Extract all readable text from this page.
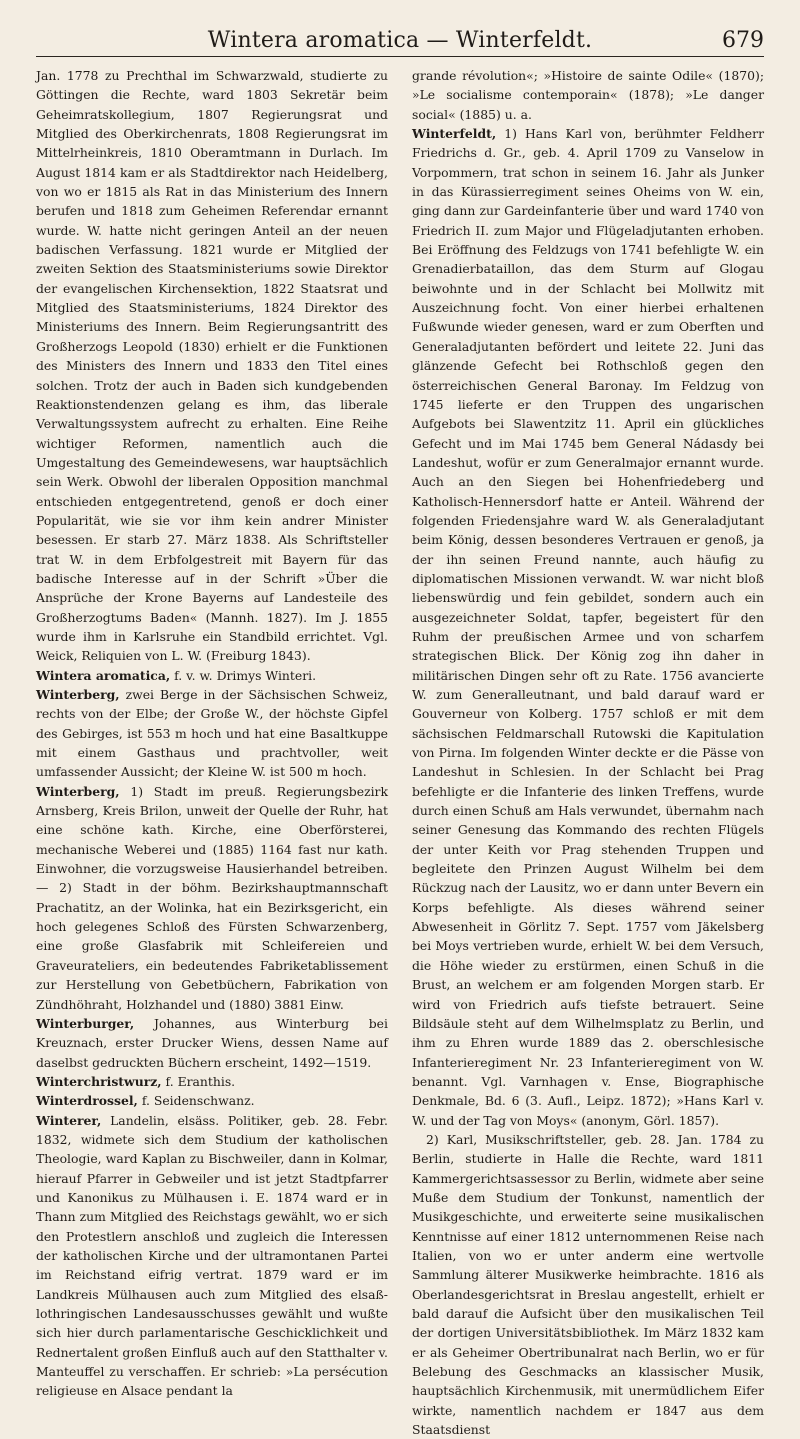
Wintera aromatica — Winterfeldt.	679

Jan. 1778 zu Prechthal im Schwarzwald, studierte zu Göttingen die Rechte, ward 1803 Sekretär beim Geheimratskollegium, 1807 Regierungsrat und Mitglied des Oberkirchenrats, 1808 Regierungsrat im Mittelrheinkreis, 1810 Oberamtmann in Durlach. Im August 1814 kam er als Stadtdirektor nach Heidelberg, von wo er 1815 als Rat in das Ministerium des Innern berufen und 1818 zum Geheimen Referendar ernannt wurde. W. hatte nicht geringen Anteil an der neuen badischen Verfassung. 1821 wurde er Mitglied der zweiten Sektion des Staatsministeriums sowie Direktor der evangelischen Kirchensektion, 1822 Staatsrat und Mitglied des Staatsministeriums, 1824 Direktor des Ministeriums des Innern. Beim Regierungsantritt des Großherzogs Leopold (1830) erhielt er die Funktionen des Ministers des Innern und 1833 den Titel eines solchen. Trotz der auch in Baden sich kundgebenden Reaktionstendenzen gelang es ihm, das liberale Verwaltungssystem aufrecht zu erhalten. Eine Reihe wichtiger Reformen, namentlich auch die Umgestaltung des Gemeindewesens, war hauptsächlich sein Werk. Obwohl der liberalen Opposition manchmal entschieden entgegentretend, genoß er doch einer Popularität, wie sie vor ihm kein andrer Minister besessen. Er starb 27. März 1838. Als Schriftsteller trat W. in dem Erbfolgestreit mit Bayern für das badische Interesse auf in der Schrift »Über die Ansprüche der Krone Bayerns auf Landesteile des Großherzogtums Baden« (Mannh. 1827). Im J. 1855 wurde ihm in Karlsruhe ein Standbild errichtet. Vgl. Weick, Reliquien von L. W. (Freiburg 1843).

Wintera aromatica, f. v. w. Drimys Winteri.

Winterberg, zwei Berge in der Sächsischen Schweiz, rechts von der Elbe; der Große W., der höchste Gipfel des Gebirges, ist 553 m hoch und hat eine Basaltkuppe mit einem Gasthaus und prachtvoller, weit umfassender Aussicht; der Kleine W. ist 500 m hoch.

Winterberg, 1) Stadt im preuß. Regierungsbezirk Arnsberg, Kreis Brilon, unweit der Quelle der Ruhr, hat eine schöne kath. Kirche, eine Oberförsterei, mechanische Weberei und (1885) 1164 fast nur kath. Einwohner, die vorzugsweise Hausierhandel betreiben. — 2) Stadt in der böhm. Bezirkshauptmannschaft Prachatitz, an der Wolinka, hat ein Bezirksgericht, ein hoch gelegenes Schloß des Fürsten Schwarzenberg, eine große Glasfabrik mit Schleifereien und Graveurateliers, ein bedeutendes Fabriketablissement zur Herstellung von Gebetbüchern, Fabrikation von Zündhöhraht, Holzhandel und (1880) 3881 Einw.

Winterburger, Johannes, aus Winterburg bei Kreuznach, erster Drucker Wiens, dessen Name auf daselbst gedruckten Büchern erscheint, 1492—1519.

Winterchristwurz, f. Eranthis.

Winterdrossel, f. Seidenschwanz.

Winterer, Landelin, elsäss. Politiker, geb. 28. Febr. 1832, widmete sich dem Studium der katholischen Theologie, ward Kaplan zu Bischweiler, dann in Kolmar, hierauf Pfarrer in Gebweiler und ist jetzt Stadtpfarrer und Kanonikus zu Mülhausen i. E. 1874 ward er in Thann zum Mitglied des Reichstags gewählt, wo er sich den Protestlern anschloß und zugleich die Interessen der katholischen Kirche und der ultramontanen Partei im Reichstand eifrig vertrat. 1879 ward er im Landkreis Mülhausen auch zum Mitglied des elsaß-lothringischen Landesausschusses gewählt und wußte sich hier durch parlamentarische Geschicklichkeit und Rednertalent großen Einfluß auch auf den Statthalter v. Manteuffel zu verschaffen. Er schrieb: »La persécution religieuse en Alsace pendant la

grande révolution«; »Histoire de sainte Odile« (1870); »Le socialisme contemporain« (1878); »Le danger social« (1885) u. a.

Winterfeldt, 1) Hans Karl von, berühmter Feldherr Friedrichs d. Gr., geb. 4. April 1709 zu Vanselow in Vorpommern, trat schon in seinem 16. Jahr als Junker in das Kürassierregiment seines Oheims von W. ein, ging dann zur Gardeinfanterie über und ward 1740 von Friedrich II. zum Major und Flügeladjutanten erhoben. Bei Eröffnung des Feldzugs von 1741 befehligte W. ein Grenadierbataillon, das dem Sturm auf Glogau beiwohnte und in der Schlacht bei Mollwitz mit Auszeichnung focht. Von einer hierbei erhaltenen Fußwunde wieder genesen, ward er zum Oberften und Generaladjutanten befördert und leitete 22. Juni das glänzende Gefecht bei Rothschloß gegen den österreichischen General Baronay. Im Feldzug von 1745 lieferte er den Truppen des ungarischen Aufgebots bei Slawentzitz 11. April ein glückliches Gefecht und im Mai 1745 bem General Nádasdy bei Landeshut, wofür er zum Generalmajor ernannt wurde. Auch an den Siegen bei Hohenfriedeberg und Katholisch-Hennersdorf hatte er Anteil. Während der folgenden Friedensjahre ward W. als Generaladjutant beim König, dessen besonderes Vertrauen er genoß, ja der ihn seinen Freund nannte, auch häufig zu diplomatischen Missionen verwandt. W. war nicht bloß liebenswürdig und fein gebildet, sondern auch ein ausgezeichneter Soldat, tapfer, begeistert für den Ruhm der preußischen Armee und von scharfem strategischen Blick. Der König zog ihn daher in militärischen Dingen sehr oft zu Rate. 1756 avancierte W. zum Generalleutnant, und bald darauf ward er Gouverneur von Kolberg. 1757 schloß er mit dem sächsischen Feldmarschall Rutowski die Kapitulation von Pirna. Im folgenden Winter deckte er die Pässe von Landeshut in Schlesien. In der Schlacht bei Prag befehligte er die Infanterie des linken Treffens, wurde durch einen Schuß am Hals verwundet, übernahm nach seiner Genesung das Kommando des rechten Flügels der unter Keith vor Prag stehenden Truppen und begleitete den Prinzen August Wilhelm bei dem Rückzug nach der Lausitz, wo er dann unter Bevern ein Korps befehligte. Als dieses während seiner Abwesenheit in Görlitz 7. Sept. 1757 vom Jäkelsberg bei Moys vertrieben wurde, erhielt W. bei dem Versuch, die Höhe wieder zu erstürmen, einen Schuß in die Brust, an welchem er am folgenden Morgen starb. Er wird von Friedrich aufs tiefste betrauert. Seine Bildsäule steht auf dem Wilhelmsplatz zu Berlin, und ihm zu Ehren wurde 1889 das 2. oberschlesische Infanterieregiment Nr. 23 Infanterieregiment von W. benannt. Vgl. Varnhagen v. Ense, Biographische Denkmale, Bd. 6 (3. Aufl., Leipz. 1872); »Hans Karl v. W. und der Tag von Moys« (anonym, Görl. 1857).

2) Karl, Musikschriftsteller, geb. 28. Jan. 1784 zu Berlin, studierte in Halle die Rechte, ward 1811 Kammergerichtsassessor zu Berlin, widmete aber seine Muße dem Studium der Tonkunst, namentlich der Musikgeschichte, und erweiterte seine musikalischen Kenntnisse auf einer 1812 unternommenen Reise nach Italien, von wo er unter anderm eine wertvolle Sammlung älterer Musikwerke heimbrachte. 1816 als Oberlandesgerichtsrat in Breslau angestellt, erhielt er bald darauf die Aufsicht über den musikalischen Teil der dortigen Universitätsbibliothek. Im März 1832 kam er als Geheimer Obertribunalrat nach Berlin, wo er für Belebung des Geschmacks an klassischer Musik, hauptsächlich Kirchenmusik, mit unermüdlichem Eifer wirkte, namentlich nachdem er 1847 aus dem Staatsdienst
